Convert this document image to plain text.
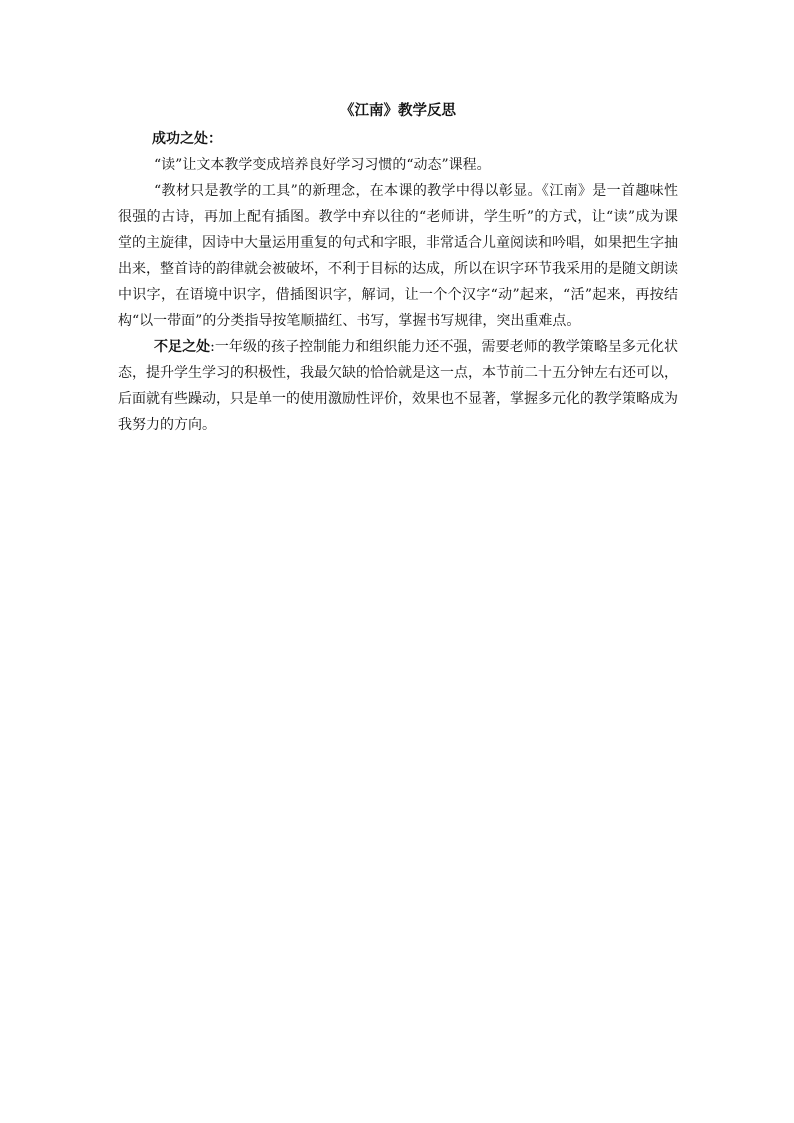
《江南》教学反思

成功之处：

“读”让文本教学变成培养良好学习习惯的“动态”课程。

“教材只是教学的工具”的新理念，在本课的教学中得以彰显。《江南》是一首趣味性很强的古诗，再加上配有插图。教学中弃以往的“老师讲，学生听”的方式，让“读”成为课堂的主旋律，因诗中大量运用重复的句式和字眼，非常适合儿童阅读和吟唱，如果把生字抽出来，整首诗的韵律就会被破坏，不利于目标的达成，所以在识字环节我采用的是随文朗读中识字，在语境中识字，借插图识字，解词，让一个个汉字“动”起来，“活”起来，再按结构“以一带面”的分类指导按笔顺描红、书写，掌握书写规律，突出重难点。

不足之处:一年级的孩子控制能力和组织能力还不强，需要老师的教学策略呈多元化状态，提升学生学习的积极性，我最欠缺的恰恰就是这一点，本节前二十五分钟左右还可以，后面就有些躁动，只是单一的使用激励性评价，效果也不显著，掌握多元化的教学策略成为我努力的方向。
